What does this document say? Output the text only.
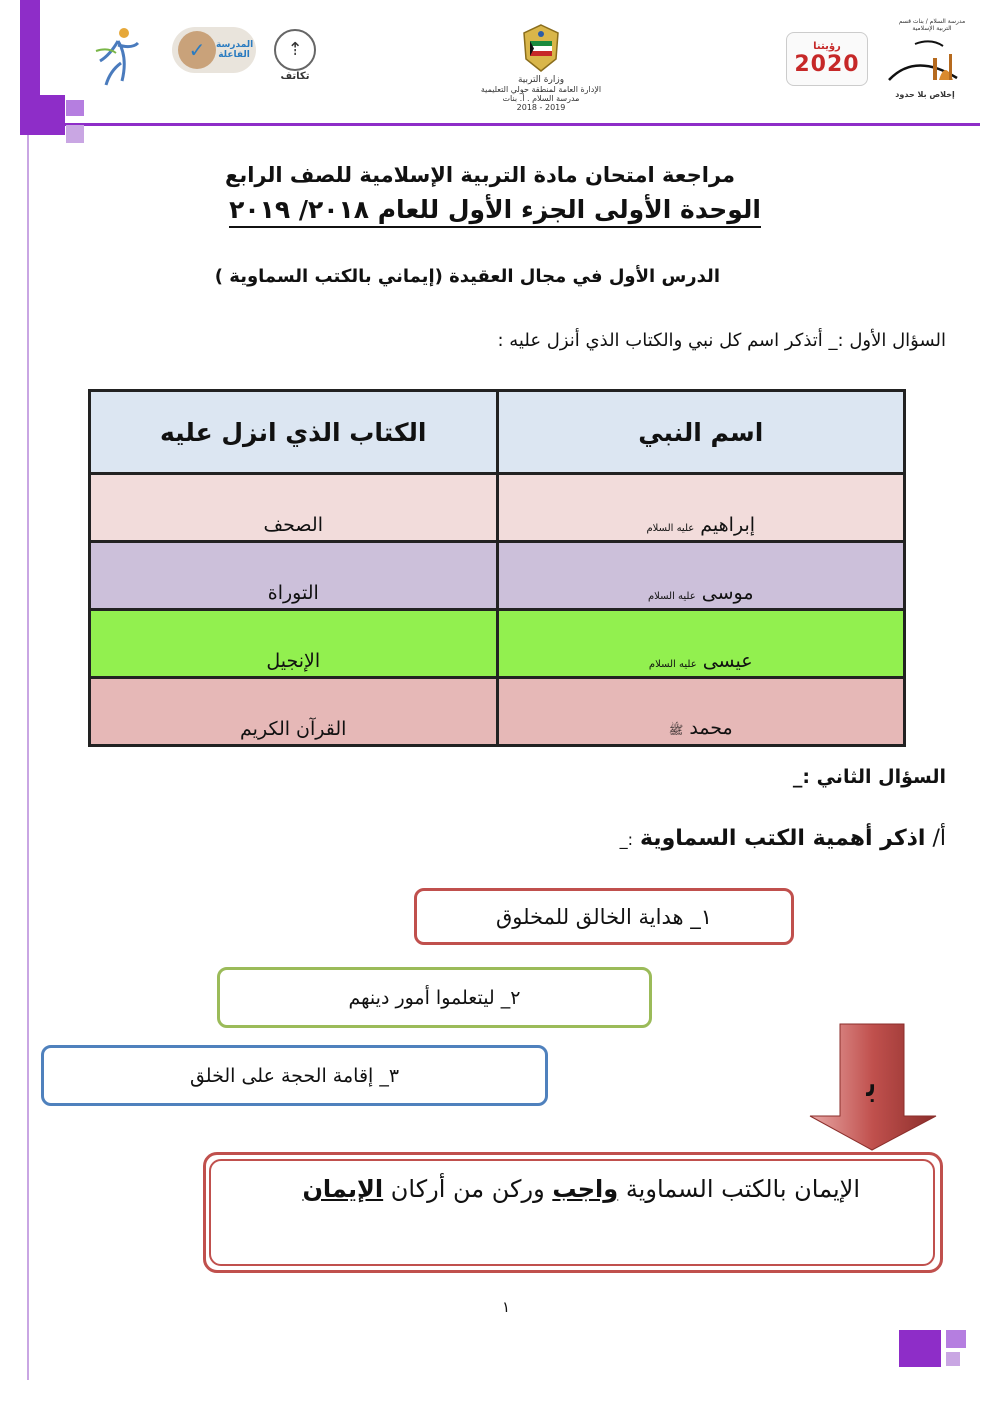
✓ المدرسة الفاعلة ⇡
تكاتف	وزارة التربية
الإدارة العامة لمنطقة حولي التعليمية
مدرسة السلام . أ. بنات
2018 - 2019
رؤيتنا
2020
مدرسة السلام / بنات قسم التربية الإسلامية
إخلاص بلا حدود
مراجعة امتحان مادة التربية الإسلامية للصف الرابع
الوحدة الأولى الجزء الأول للعام ٢٠١٨/ ٢٠١٩
الدرس الأول في مجال العقيدة (إيماني بالكتب السماوية )
السؤال الأول :_ أتذكر اسم كل نبي والكتاب الذي أنزل عليه :
اسم النبي	الكتاب الذي انزل عليه
إبراهيم عليه السلام	الصحف
موسى عليه السلام	التوراة
عيسى عليه السلام	الإنجيل
محمد ﷺ	القرآن الكريم
السؤال الثاني :_
أ/ اذكر أهمية الكتب السماوية :_
١_ هداية الخالق للمخلوق
٢_ ليتعلموا أمور دينهم
٣_ إقامة الحجة على الخلق	ﺑ
الإيمان بالكتب السماوية واجب وركن من أركان الإيمان
١
